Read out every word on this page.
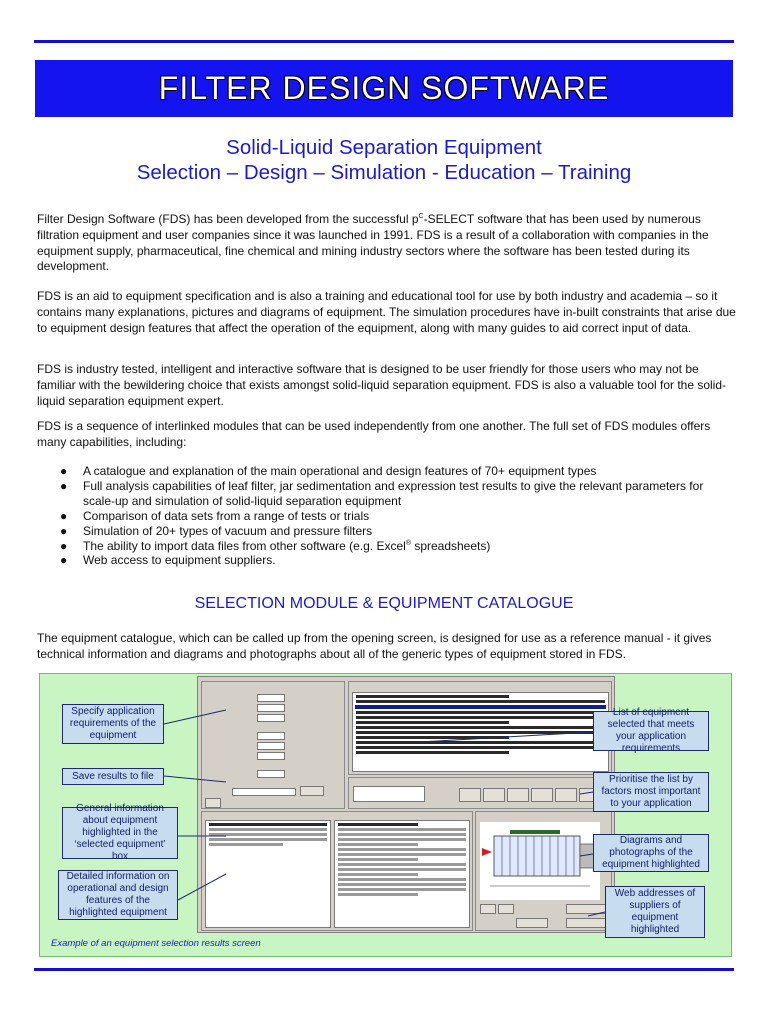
FILTER DESIGN SOFTWARE
Solid-Liquid Separation Equipment
Selection – Design – Simulation - Education – Training

Filter Design Software (FDS) has been developed from the successful $p^C$-SELECT software that has been used by numerous filtration equipment and user companies since it was launched in 1991. FDS is a result of a collaboration with companies in the equipment supply, pharmaceutical, fine chemical and mining industry sectors where the software has been tested during its development.

FDS is an aid to equipment specification and is also a training and educational tool for use by both industry and academia – so it contains many explanations, pictures and diagrams of equipment. The simulation procedures have in-built constraints that arise due to equipment design features that affect the operation of the equipment, along with many guides to aid correct input of data.

FDS is industry tested, intelligent and interactive software that is designed to be user friendly for those users who may not be familiar with the bewildering choice that exists amongst solid-liquid separation equipment. FDS is also a valuable tool for the solid-liquid separation equipment expert.

FDS is a sequence of interlinked modules that can be used independently from one another. The full set of FDS modules offers many capabilities, including:

● A catalogue and explanation of the main operational and design features of 70+ equipment types
● Full analysis capabilities of leaf filter, jar sedimentation and expression test results to give the relevant parameters for scale-up and simulation of solid-liquid separation equipment
● Comparison of data sets from a range of tests or trials
● Simulation of 20+ types of vacuum and pressure filters
● The ability to import data files from other software (e.g. Excel® spreadsheets)
● Web access to equipment suppliers.
SELECTION MODULE & EQUIPMENT CATALOGUE

The equipment catalogue, which can be called up from the opening screen, is designed for use as a reference manual - it gives technical information and diagrams and photographs about all of the generic types of equipment stored in FDS.

Specify application requirements of the equipment
Save results to file
General information about equipment highlighted in the ‘selected equipment’ box
Detailed information on operational and design features of the highlighted equipment
List of equipment selected that meets your application requirements
Prioritise the list by factors most important to your application
Diagrams and photographs of the equipment highlighted
Web addresses of suppliers of equipment highlighted
Example of an equipment selection results screen
